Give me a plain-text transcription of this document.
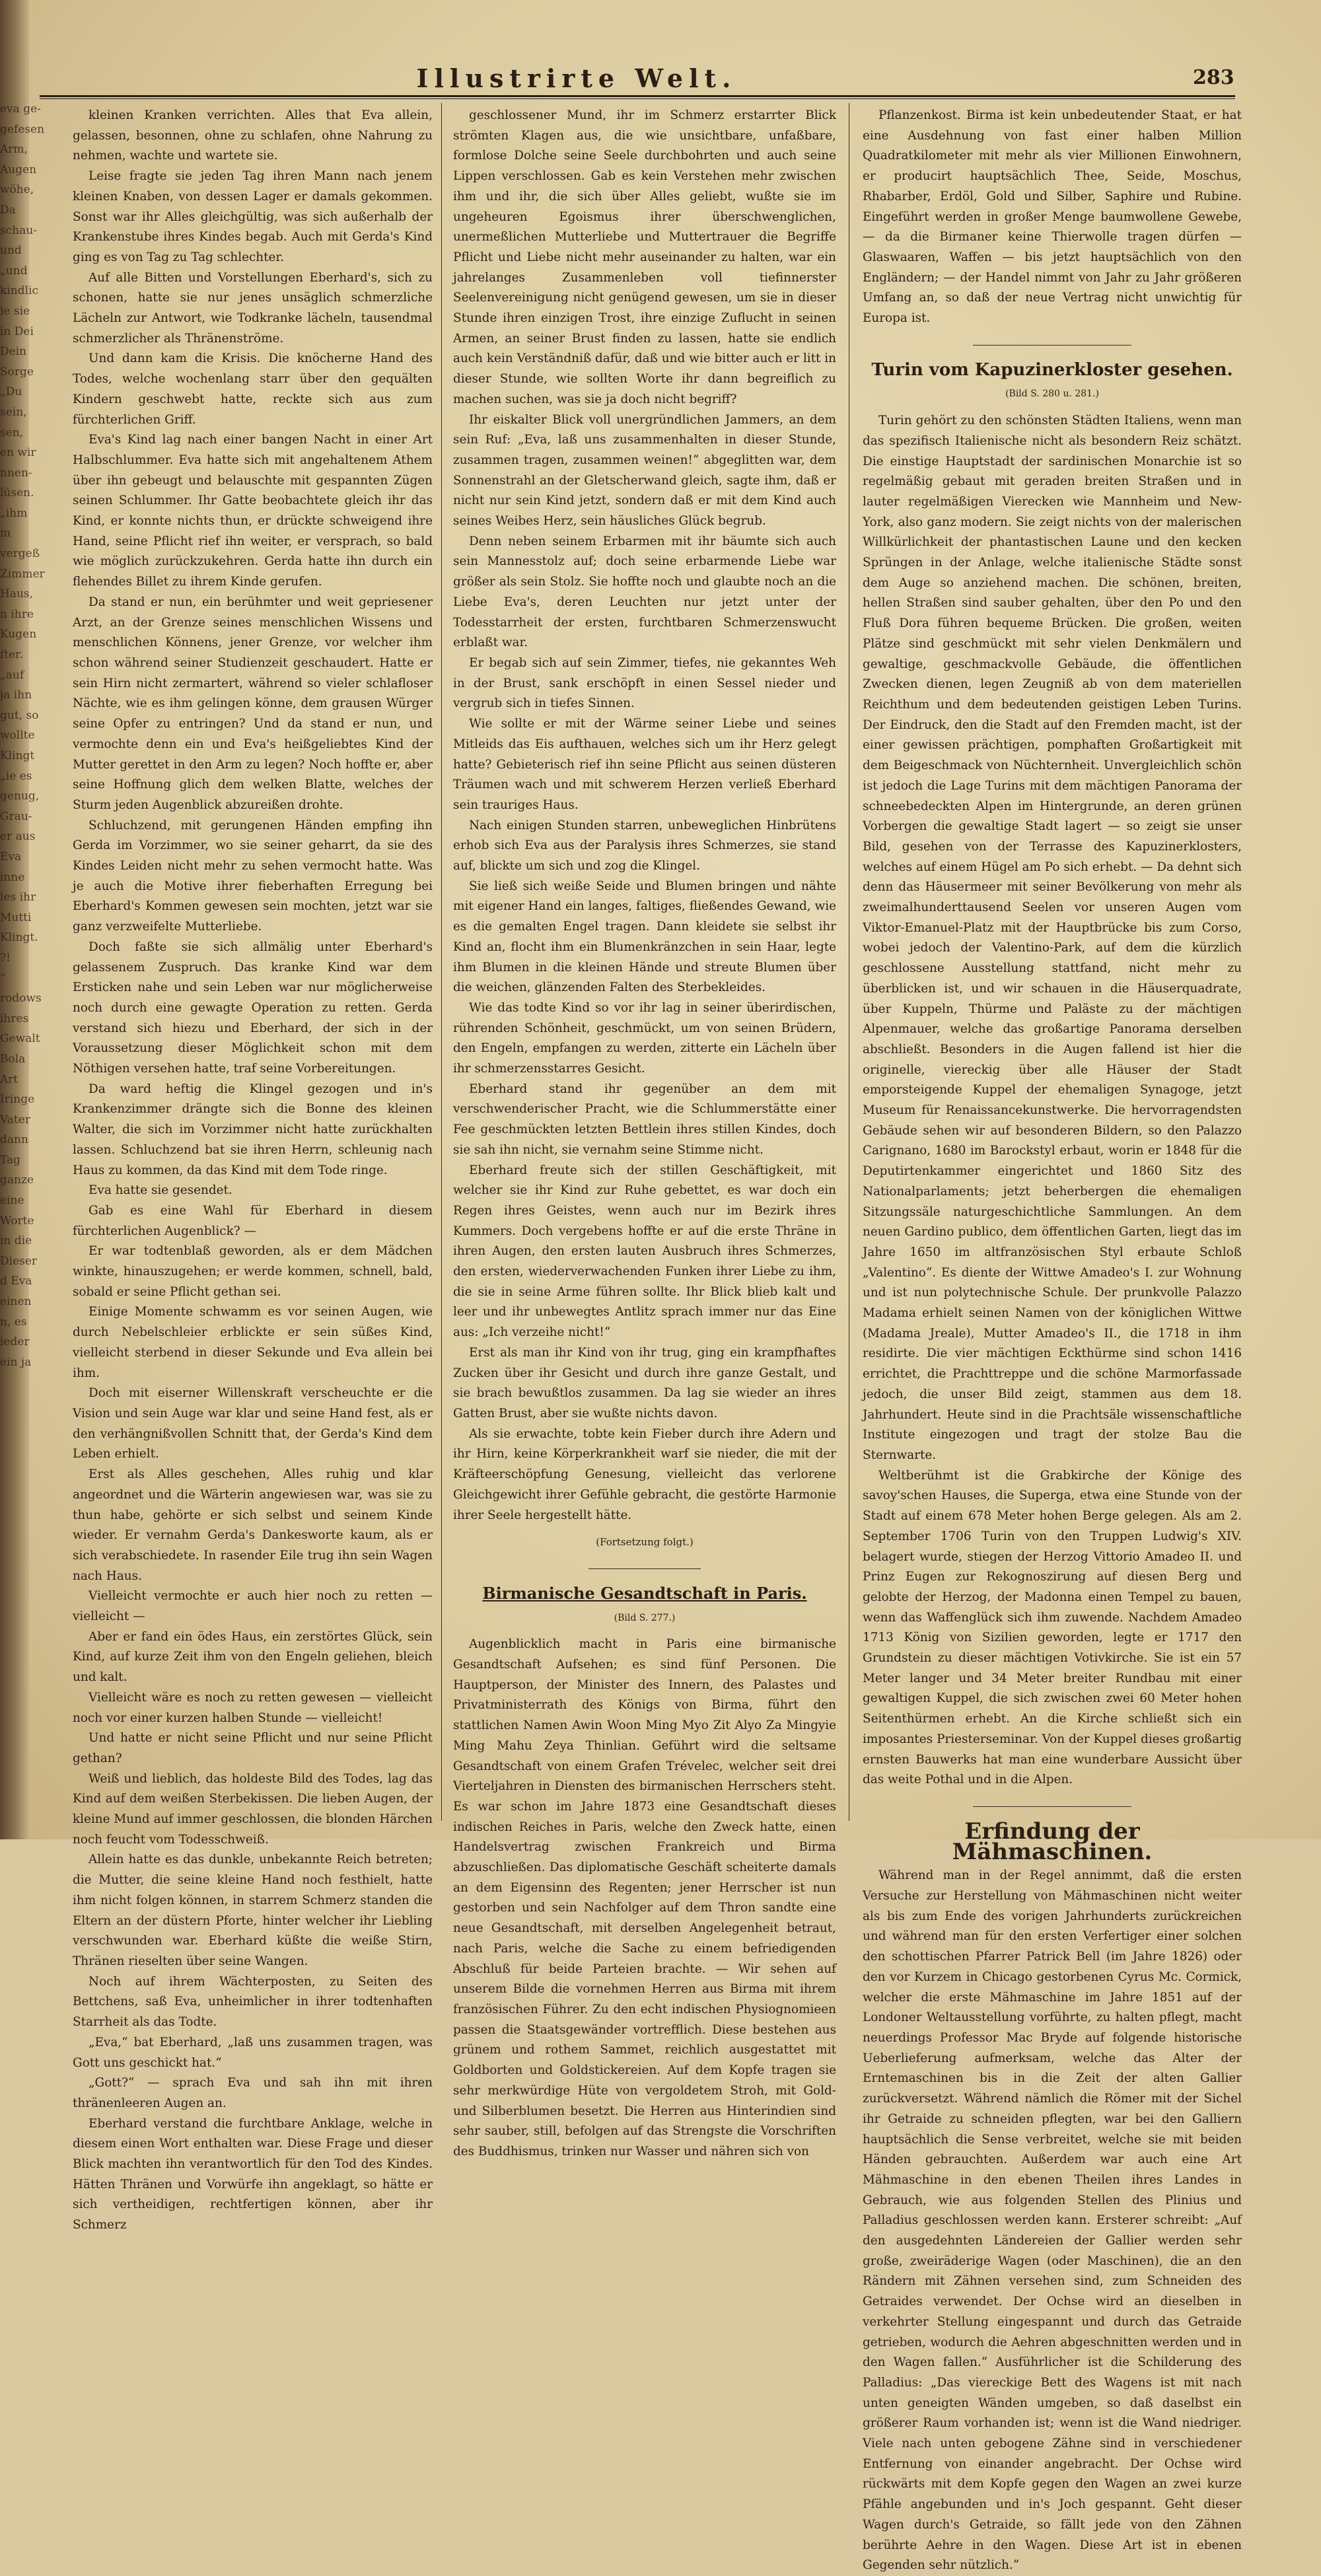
eva ge-
gefesen
Arm,
Augen
wöhe,
Da
schau-
und
„und
kindlic
ie sie
in Dei
Dein
Sorge
„Du
sein,
sen,
en wir
nnen-
lüsen.
„ihm
m
vergeß
Zimmer
Haus,
n ihre
Kugen
fter.
„auf
ja ihn
gut, so
wollte
Klingt
„ie es
genug,
Grau-
er aus
Eva
inne
ies ihr
Mutti
Klingt.
?!
“
rodows
ihres
Gewalt
Bola
Art
Iringe
Vater
dann
Tag
ganze
eine
Worte
in die
Dieser
d Eva
einen
n, es
ieder
ein ja
Illustrirte Welt.	283

kleinen Kranken verrichten. Alles that Eva allein, gelassen, besonnen, ohne zu schlafen, ohne Nahrung zu nehmen, wachte und wartete sie.

Leise fragte sie jeden Tag ihren Mann nach jenem kleinen Knaben, von dessen Lager er damals gekommen. Sonst war ihr Alles gleichgültig, was sich außerhalb der Krankenstube ihres Kindes begab. Auch mit Gerda's Kind ging es von Tag zu Tag schlechter.

Auf alle Bitten und Vorstellungen Eberhard's, sich zu schonen, hatte sie nur jenes unsäglich schmerzliche Lächeln zur Antwort, wie Todkranke lächeln, tausendmal schmerzlicher als Thränenströme.

Und dann kam die Krisis. Die knöcherne Hand des Todes, welche wochenlang starr über den gequälten Kindern geschwebt hatte, reckte sich aus zum fürchterlichen Griff.

Eva's Kind lag nach einer bangen Nacht in einer Art Halbschlummer. Eva hatte sich mit angehaltenem Athem über ihn gebeugt und belauschte mit gespannten Zügen seinen Schlummer. Ihr Gatte beobachtete gleich ihr das Kind, er konnte nichts thun, er drückte schweigend ihre Hand, seine Pflicht rief ihn weiter, er versprach, so bald wie möglich zurückzukehren. Gerda hatte ihn durch ein flehendes Billet zu ihrem Kinde gerufen.

Da stand er nun, ein berühmter und weit gepriesener Arzt, an der Grenze seines menschlichen Wissens und menschlichen Könnens, jener Grenze, vor welcher ihm schon während seiner Studienzeit geschaudert. Hatte er sein Hirn nicht zermartert, während so vieler schlafloser Nächte, wie es ihm gelingen könne, dem grausen Würger seine Opfer zu entringen? Und da stand er nun, und vermochte denn ein und Eva's heißgeliebtes Kind der Mutter gerettet in den Arm zu legen? Noch hoffte er, aber seine Hoffnung glich dem welken Blatte, welches der Sturm jeden Augenblick abzureißen drohte.

Schluchzend, mit gerungenen Händen empfing ihn Gerda im Vorzimmer, wo sie seiner geharrt, da sie des Kindes Leiden nicht mehr zu sehen vermocht hatte. Was je auch die Motive ihrer fieberhaften Erregung bei Eberhard's Kommen gewesen sein mochten, jetzt war sie ganz verzweifelte Mutterliebe.

Doch faßte sie sich allmälig unter Eberhard's gelassenem Zuspruch. Das kranke Kind war dem Ersticken nahe und sein Leben war nur möglicherweise noch durch eine gewagte Operation zu retten. Gerda verstand sich hiezu und Eberhard, der sich in der Voraussetzung dieser Möglichkeit schon mit dem Nöthigen versehen hatte, traf seine Vorbereitungen.

Da ward heftig die Klingel gezogen und in's Krankenzimmer drängte sich die Bonne des kleinen Walter, die sich im Vorzimmer nicht hatte zurückhalten lassen. Schluchzend bat sie ihren Herrn, schleunig nach Haus zu kommen, da das Kind mit dem Tode ringe.

Eva hatte sie gesendet.

Gab es eine Wahl für Eberhard in diesem fürchterlichen Augenblick? —

Er war todtenblaß geworden, als er dem Mädchen winkte, hinauszugehen; er werde kommen, schnell, bald, sobald er seine Pflicht gethan sei.

Einige Momente schwamm es vor seinen Augen, wie durch Nebelschleier erblickte er sein süßes Kind, vielleicht sterbend in dieser Sekunde und Eva allein bei ihm.

Doch mit eiserner Willenskraft verscheuchte er die Vision und sein Auge war klar und seine Hand fest, als er den verhängnißvollen Schnitt that, der Gerda's Kind dem Leben erhielt.

Erst als Alles geschehen, Alles ruhig und klar angeordnet und die Wärterin angewiesen war, was sie zu thun habe, gehörte er sich selbst und seinem Kinde wieder. Er vernahm Gerda's Dankesworte kaum, als er sich verabschiedete. In rasender Eile trug ihn sein Wagen nach Haus.

Vielleicht vermochte er auch hier noch zu retten — vielleicht —

Aber er fand ein ödes Haus, ein zerstörtes Glück, sein Kind, auf kurze Zeit ihm von den Engeln geliehen, bleich und kalt.

Vielleicht wäre es noch zu retten gewesen — vielleicht noch vor einer kurzen halben Stunde — vielleicht!

Und hatte er nicht seine Pflicht und nur seine Pflicht gethan?

Weiß und lieblich, das holdeste Bild des Todes, lag das Kind auf dem weißen Sterbekissen. Die lieben Augen, der kleine Mund auf immer geschlossen, die blonden Härchen noch feucht vom Todesschweiß.

Allein hatte es das dunkle, unbekannte Reich betreten; die Mutter, die seine kleine Hand noch festhielt, hatte ihm nicht folgen können, in starrem Schmerz standen die Eltern an der düstern Pforte, hinter welcher ihr Liebling verschwunden war. Eberhard küßte die weiße Stirn, Thränen rieselten über seine Wangen.

Noch auf ihrem Wächterposten, zu Seiten des Bettchens, saß Eva, unheimlicher in ihrer todtenhaften Starrheit als das Todte.

„Eva,“ bat Eberhard, „laß uns zusammen tragen, was Gott uns geschickt hat.“

„Gott?“ — sprach Eva und sah ihn mit ihren thränenleeren Augen an.

Eberhard verstand die furchtbare Anklage, welche in diesem einen Wort enthalten war. Diese Frage und dieser Blick machten ihn verantwortlich für den Tod des Kindes. Hätten Thränen und Vorwürfe ihn angeklagt, so hätte er sich vertheidigen, rechtfertigen können, aber ihr Schmerz

geschlossener Mund, ihr im Schmerz erstarrter Blick strömten Klagen aus, die wie unsichtbare, unfaßbare, formlose Dolche seine Seele durchbohrten und auch seine Lippen verschlossen. Gab es kein Verstehen mehr zwischen ihm und ihr, die sich über Alles geliebt, wußte sie im ungeheuren Egoismus ihrer überschwenglichen, unermeßlichen Mutterliebe und Muttertrauer die Begriffe Pflicht und Liebe nicht mehr auseinander zu halten, war ein jahrelanges Zusammenleben voll tiefinnerster Seelenvereinigung nicht genügend gewesen, um sie in dieser Stunde ihren einzigen Trost, ihre einzige Zuflucht in seinen Armen, an seiner Brust finden zu lassen, hatte sie endlich auch kein Verständniß dafür, daß und wie bitter auch er litt in dieser Stunde, wie sollten Worte ihr dann begreiflich zu machen suchen, was sie ja doch nicht begriff?

Ihr eiskalter Blick voll unergründlichen Jammers, an dem sein Ruf: „Eva, laß uns zusammenhalten in dieser Stunde, zusammen tragen, zusammen weinen!“ abgeglitten war, dem Sonnenstrahl an der Gletscherwand gleich, sagte ihm, daß er nicht nur sein Kind jetzt, sondern daß er mit dem Kind auch seines Weibes Herz, sein häusliches Glück begrub.

Denn neben seinem Erbarmen mit ihr bäumte sich auch sein Mannesstolz auf; doch seine erbarmende Liebe war größer als sein Stolz. Sie hoffte noch und glaubte noch an die Liebe Eva's, deren Leuchten nur jetzt unter der Todesstarrheit der ersten, furchtbaren Schmerzenswucht erblaßt war.

Er begab sich auf sein Zimmer, tiefes, nie gekanntes Weh in der Brust, sank erschöpft in einen Sessel nieder und vergrub sich in tiefes Sinnen.

Wie sollte er mit der Wärme seiner Liebe und seines Mitleids das Eis aufthauen, welches sich um ihr Herz gelegt hatte? Gebieterisch rief ihn seine Pflicht aus seinen düsteren Träumen wach und mit schwerem Herzen verließ Eberhard sein trauriges Haus.

Nach einigen Stunden starren, unbeweglichen Hinbrütens erhob sich Eva aus der Paralysis ihres Schmerzes, sie stand auf, blickte um sich und zog die Klingel.

Sie ließ sich weiße Seide und Blumen bringen und nähte mit eigener Hand ein langes, faltiges, fließendes Gewand, wie es die gemalten Engel tragen. Dann kleidete sie selbst ihr Kind an, flocht ihm ein Blumenkränzchen in sein Haar, legte ihm Blumen in die kleinen Hände und streute Blumen über die weichen, glänzenden Falten des Sterbekleides.

Wie das todte Kind so vor ihr lag in seiner überirdischen, rührenden Schönheit, geschmückt, um von seinen Brüdern, den Engeln, empfangen zu werden, zitterte ein Lächeln über ihr schmerzensstarres Gesicht.

Eberhard stand ihr gegenüber an dem mit verschwenderischer Pracht, wie die Schlummerstätte einer Fee geschmückten letzten Bettlein ihres stillen Kindes, doch sie sah ihn nicht, sie vernahm seine Stimme nicht.

Eberhard freute sich der stillen Geschäftigkeit, mit welcher sie ihr Kind zur Ruhe gebettet, es war doch ein Regen ihres Geistes, wenn auch nur im Bezirk ihres Kummers. Doch vergebens hoffte er auf die erste Thräne in ihren Augen, den ersten lauten Ausbruch ihres Schmerzes, den ersten, wiederverwachenden Funken ihrer Liebe zu ihm, die sie in seine Arme führen sollte. Ihr Blick blieb kalt und leer und ihr unbewegtes Antlitz sprach immer nur das Eine aus: „Ich verzeihe nicht!“

Erst als man ihr Kind von ihr trug, ging ein krampfhaftes Zucken über ihr Gesicht und durch ihre ganze Gestalt, und sie brach bewußtlos zusammen. Da lag sie wieder an ihres Gatten Brust, aber sie wußte nichts davon.

Als sie erwachte, tobte kein Fieber durch ihre Adern und ihr Hirn, keine Körperkrankheit warf sie nieder, die mit der Kräfteerschöpfung Genesung, vielleicht das verlorene Gleichgewicht ihrer Gefühle gebracht, die gestörte Harmonie ihrer Seele hergestellt hätte.

(Fortsetzung folgt.)

Birmanische Gesandtschaft in Paris.

(Bild S. 277.)

Augenblicklich macht in Paris eine birmanische Gesandtschaft Aufsehen; es sind fünf Personen. Die Hauptperson, der Minister des Innern, des Palastes und Privatministerrath des Königs von Birma, führt den stattlichen Namen Awin Woon Ming Myo Zit Alyo Za Mingyie Ming Mahu Zeya Thinlian. Geführt wird die seltsame Gesandtschaft von einem Grafen Trévelec, welcher seit drei Vierteljahren in Diensten des birmanischen Herrschers steht. Es war schon im Jahre 1873 eine Gesandtschaft dieses indischen Reiches in Paris, welche den Zweck hatte, einen Handelsvertrag zwischen Frankreich und Birma abzuschließen. Das diplomatische Geschäft scheiterte damals an dem Eigensinn des Regenten; jener Herrscher ist nun gestorben und sein Nachfolger auf dem Thron sandte eine neue Gesandtschaft, mit derselben Angelegenheit betraut, nach Paris, welche die Sache zu einem befriedigenden Abschluß für beide Parteien brachte. — Wir sehen auf unserem Bilde die vornehmen Herren aus Birma mit ihrem französischen Führer. Zu den echt indischen Physiognomieen passen die Staatsgewänder vortrefflich. Diese bestehen aus grünem und rothem Sammet, reichlich ausgestattet mit Goldborten und Goldstickereien. Auf dem Kopfe tragen sie sehr merkwürdige Hüte von vergoldetem Stroh, mit Gold- und Silberblumen besetzt. Die Herren aus Hinterindien sind sehr sauber, still, befolgen auf das Strengste die Vorschriften des Buddhismus, trinken nur Wasser und nähren sich von

Pflanzenkost. Birma ist kein unbedeutender Staat, er hat eine Ausdehnung von fast einer halben Million Quadratkilometer mit mehr als vier Millionen Einwohnern, er producirt hauptsächlich Thee, Seide, Moschus, Rhabarber, Erdöl, Gold und Silber, Saphire und Rubine. Eingeführt werden in großer Menge baumwollene Gewebe, — da die Birmaner keine Thierwolle tragen dürfen — Glaswaaren, Waffen — bis jetzt hauptsächlich von den Engländern; — der Handel nimmt von Jahr zu Jahr größeren Umfang an, so daß der neue Vertrag nicht unwichtig für Europa ist.

Turin vom Kapuzinerkloster gesehen.

(Bild S. 280 u. 281.)

Turin gehört zu den schönsten Städten Italiens, wenn man das spezifisch Italienische nicht als besondern Reiz schätzt. Die einstige Hauptstadt der sardinischen Monarchie ist so regelmäßig gebaut mit geraden breiten Straßen und in lauter regelmäßigen Vierecken wie Mannheim und New-York, also ganz modern. Sie zeigt nichts von der malerischen Willkürlichkeit der phantastischen Laune und den kecken Sprüngen in der Anlage, welche italienische Städte sonst dem Auge so anziehend machen. Die schönen, breiten, hellen Straßen sind sauber gehalten, über den Po und den Fluß Dora führen bequeme Brücken. Die großen, weiten Plätze sind geschmückt mit sehr vielen Denkmälern und gewaltige, geschmackvolle Gebäude, die öffentlichen Zwecken dienen, legen Zeugniß ab von dem materiellen Reichthum und dem bedeutenden geistigen Leben Turins. Der Eindruck, den die Stadt auf den Fremden macht, ist der einer gewissen prächtigen, pomphaften Großartigkeit mit dem Beigeschmack von Nüchternheit. Unvergleichlich schön ist jedoch die Lage Turins mit dem mächtigen Panorama der schneebedeckten Alpen im Hintergrunde, an deren grünen Vorbergen die gewaltige Stadt lagert — so zeigt sie unser Bild, gesehen von der Terrasse des Kapuzinerklosters, welches auf einem Hügel am Po sich erhebt. — Da dehnt sich denn das Häusermeer mit seiner Bevölkerung von mehr als zweimalhunderttausend Seelen vor unseren Augen vom Viktor-Emanuel-Platz mit der Hauptbrücke bis zum Corso, wobei jedoch der Valentino-Park, auf dem die kürzlich geschlossene Ausstellung stattfand, nicht mehr zu überblicken ist, und wir schauen in die Häuserquadrate, über Kuppeln, Thürme und Paläste zu der mächtigen Alpenmauer, welche das großartige Panorama derselben abschließt. Besonders in die Augen fallend ist hier die originelle, viereckig über alle Häuser der Stadt emporsteigende Kuppel der ehemaligen Synagoge, jetzt Museum für Renaissancekunstwerke. Die hervorragendsten Gebäude sehen wir auf besonderen Bildern, so den Palazzo Carignano, 1680 im Barockstyl erbaut, worin er 1848 für die Deputirtenkammer eingerichtet und 1860 Sitz des Nationalparlaments; jetzt beherbergen die ehemaligen Sitzungssäle naturgeschichtliche Sammlungen. An dem neuen Gardino publico, dem öffentlichen Garten, liegt das im Jahre 1650 im altfranzösischen Styl erbaute Schloß „Valentino“. Es diente der Wittwe Amadeo's I. zur Wohnung und ist nun polytechnische Schule. Der prunkvolle Palazzo Madama erhielt seinen Namen von der königlichen Wittwe (Madama Jreale), Mutter Amadeo's II., die 1718 in ihm residirte. Die vier mächtigen Eckthürme sind schon 1416 errichtet, die Prachttreppe und die schöne Marmorfassade jedoch, die unser Bild zeigt, stammen aus dem 18. Jahrhundert. Heute sind in die Prachtsäle wissenschaftliche Institute eingezogen und tragt der stolze Bau die Sternwarte.

Weltberühmt ist die Grabkirche der Könige des savoy'schen Hauses, die Superga, etwa eine Stunde von der Stadt auf einem 678 Meter hohen Berge gelegen. Als am 2. September 1706 Turin von den Truppen Ludwig's XIV. belagert wurde, stiegen der Herzog Vittorio Amadeo II. und Prinz Eugen zur Rekognoszirung auf diesen Berg und gelobte der Herzog, der Madonna einen Tempel zu bauen, wenn das Waffenglück sich ihm zuwende. Nachdem Amadeo 1713 König von Sizilien geworden, legte er 1717 den Grundstein zu dieser mächtigen Votivkirche. Sie ist ein 57 Meter langer und 34 Meter breiter Rundbau mit einer gewaltigen Kuppel, die sich zwischen zwei 60 Meter hohen Seitenthürmen erhebt. An die Kirche schließt sich ein imposantes Priesterseminar. Von der Kuppel dieses großartig ernsten Bauwerks hat man eine wunderbare Aussicht über das weite Pothal und in die Alpen.

Erfindung der Mähmaschinen.

Während man in der Regel annimmt, daß die ersten Versuche zur Herstellung von Mähmaschinen nicht weiter als bis zum Ende des vorigen Jahrhunderts zurückreichen und während man für den ersten Verfertiger einer solchen den schottischen Pfarrer Patrick Bell (im Jahre 1826) oder den vor Kurzem in Chicago gestorbenen Cyrus Mc. Cormick, welcher die erste Mähmaschine im Jahre 1851 auf der Londoner Weltausstellung vorführte, zu halten pflegt, macht neuerdings Professor Mac Bryde auf folgende historische Ueberlieferung aufmerksam, welche das Alter der Erntemaschinen bis in die Zeit der alten Gallier zurückversetzt. Während nämlich die Römer mit der Sichel ihr Getraide zu schneiden pflegten, war bei den Galliern hauptsächlich die Sense verbreitet, welche sie mit beiden Händen gebrauchten. Außerdem war auch eine Art Mähmaschine in den ebenen Theilen ihres Landes in Gebrauch, wie aus folgenden Stellen des Plinius und Palladius geschlossen werden kann. Ersterer schreibt: „Auf den ausgedehnten Ländereien der Gallier werden sehr große, zweiräderige Wagen (oder Maschinen), die an den Rändern mit Zähnen versehen sind, zum Schneiden des Getraides verwendet. Der Ochse wird an dieselben in verkehrter Stellung eingespannt und durch das Getraide getrieben, wodurch die Aehren abgeschnitten werden und in den Wagen fallen.“ Ausführlicher ist die Schilderung des Palladius: „Das viereckige Bett des Wagens ist mit nach unten geneigten Wänden umgeben, so daß daselbst ein größerer Raum vorhanden ist; wenn ist die Wand niedriger. Viele nach unten gebogene Zähne sind in verschiedener Entfernung von einander angebracht. Der Ochse wird rückwärts mit dem Kopfe gegen den Wagen an zwei kurze Pfähle angebunden und in's Joch gespannt. Geht dieser Wagen durch's Getraide, so fällt jede von den Zähnen berührte Aehre in den Wagen. Diese Art ist in ebenen Gegenden sehr nützlich.“
